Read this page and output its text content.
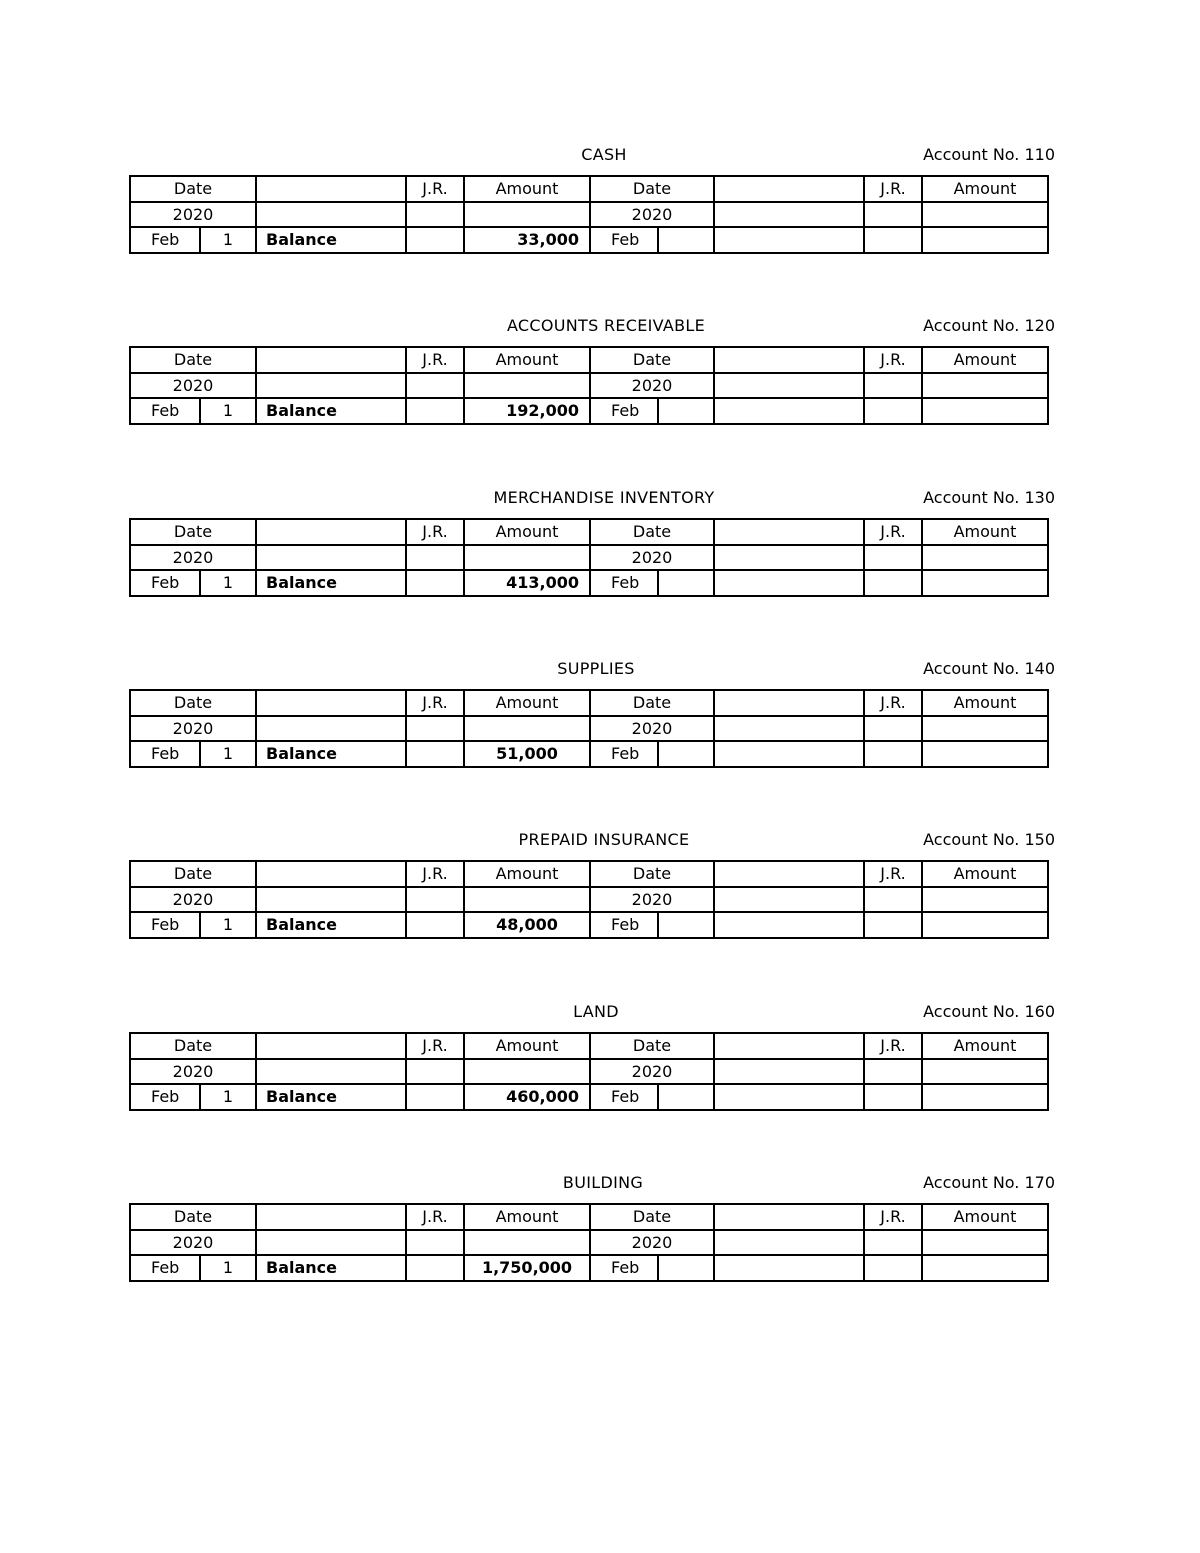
CASH	Account No. 110
Date			J.R.	Amount	Date			J.R.	Amount
2020					2020				
Feb	1	Balance		33,000	Feb				
ACCOUNTS RECEIVABLE	Account No. 120
Date			J.R.	Amount	Date			J.R.	Amount
2020					2020				
Feb	1	Balance		192,000	Feb				
MERCHANDISE INVENTORY	Account No. 130
Date			J.R.	Amount	Date			J.R.	Amount
2020					2020				
Feb	1	Balance		413,000	Feb				
SUPPLIES	Account No. 140
Date			J.R.	Amount	Date			J.R.	Amount
2020					2020				
Feb	1	Balance		51,000	Feb				
PREPAID INSURANCE	Account No. 150
Date			J.R.	Amount	Date			J.R.	Amount
2020					2020				
Feb	1	Balance		48,000	Feb				
LAND	Account No. 160
Date			J.R.	Amount	Date			J.R.	Amount
2020					2020				
Feb	1	Balance		460,000	Feb				
BUILDING	Account No. 170
Date			J.R.	Amount	Date			J.R.	Amount
2020					2020				
Feb	1	Balance		1,750,000	Feb				
